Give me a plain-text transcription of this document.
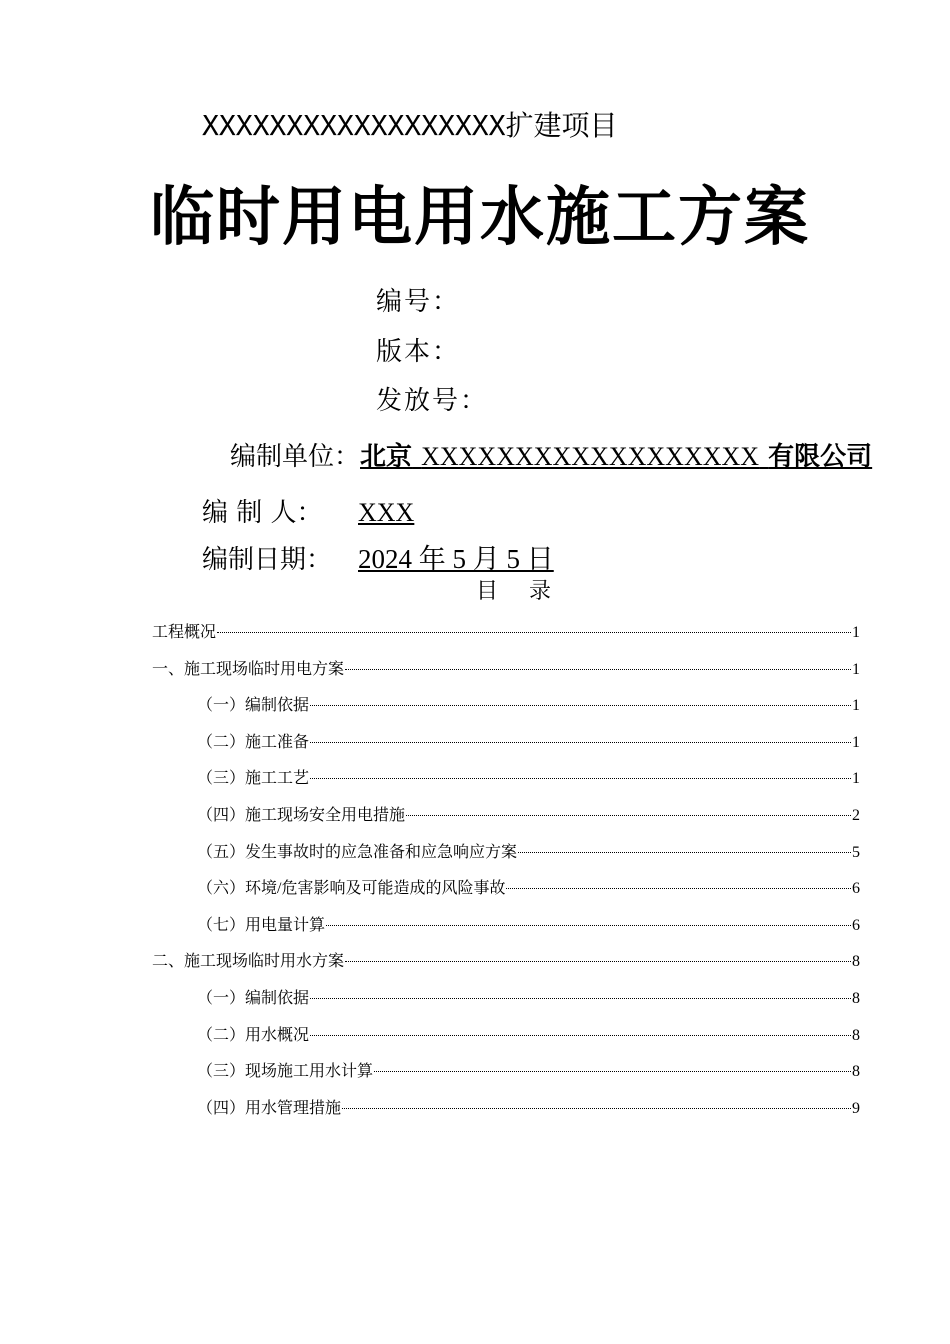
XXXXXXXXXXXXXXXXXX扩建项目
临时用电用水施工方案
编号：
版本：
发放号：
编制单位：北京 XXXXXXXXXXXXXXXXXX 有限公司
编 制 人： XXX
编制日期： 2024 年 5 月 5 日
目 录
工程概况	1
一、施工现场临时用电方案	1
（一）编制依据	1
（二）施工准备	1
（三）施工工艺	1
（四）施工现场安全用电措施	2
（五）发生事故时的应急准备和应急响应方案	5
（六）环境/危害影响及可能造成的风险事故	6
（七）用电量计算	6
二、施工现场临时用水方案	8
（一）编制依据	8
（二）用水概况	8
（三）现场施工用水计算	8
（四）用水管理措施	9
